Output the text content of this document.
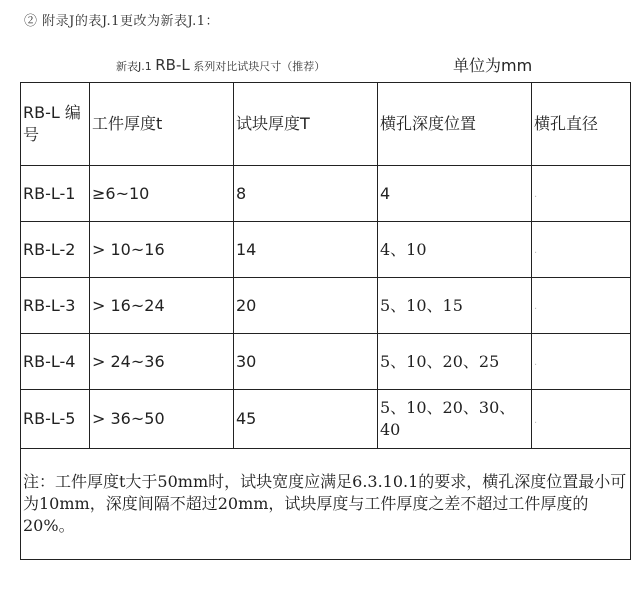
② 附录J的表J.1更改为新表J.1：
新表J.1 RB-L 系列对比试块尺寸（推荐）	单位为mm
RB-L 编号	工件厚度t	试块厚度T	横孔深度位置	横孔直径
RB-L-1	≥6~10	8	4	.
RB-L-2	> 10~16	14	4、10	.
RB-L-3	> 16~24	20	5、10、15	.
RB-L-4	> 24~36	30	5、10、20、25	.
RB-L-5	> 36~50	45	5、10、20、30、40	.
注：工件厚度t大于50mm时，试块宽度应满足6.3.10.1的要求，横孔深度位置最小可为10mm，深度间隔不超过20mm，试块厚度与工件厚度之差不超过工件厚度的20%。				
